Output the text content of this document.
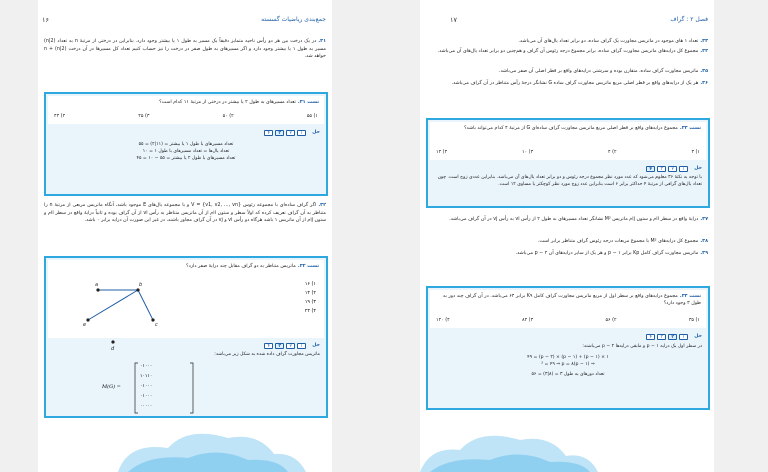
جمع‌بندی ریاضیات گسسته
۱۶
۳۱.در یک درخت بین هر دو رأس ناحیه متمایز دقیقاً یک مسیر به طول ۱ یا بیشتر وجود دارد. بنابراین در درختی از مرتبهٔ n به تعداد (n|2) مسیر به طول ۱ یا بیشتر وجود دارد و اگر مسیرهای به طول صفر در درخت را نیز حساب کنیم تعداد کل مسیرها در آن درخت n + (n|2) خواهد شد.
تست ۳۱.تعداد مسیرهای به طول ۲ یا بیشتر در درختی از مرتبهٔ ۱۱ کدام است؟
۱) ۵۵
۲) ۵۰
۳) ۴۵
۴) ۴۴
حل
۱
۲
۳
۴

تعداد مسیرهای با طول ۱ یا بیشتر = (۱۱|۲) = ۵۵

تعداد یال‌ها = تعداد مسیرهای با طول ۱ = ۱۰

تعداد مسیرهای با طول ۲ یا بیشتر = ۵۵ − ۱۰ = ۴۵

۳۲.اگر گراف ساده‌ای با مجموعه رئوس V = {v1, v2, …, vn} و با مجموعه یال‌های E موجود باشد، آنگاه ماتریس مربعی از مرتبهٔ n را متناظر به آن گراف تعریف کرده که اولاً سطر و ستون iام از آن ماتریس متناظر به رأس vi از آن گراف بوده و ثانیاً درایهٔ واقع در سطر iام و ستون jام از آن ماتریس ۱ باشد هرگاه دو رأس vi و vj در آن گراف مجاور باشند، در غیر این صورت آن درایه برابر ۰ باشد.
تست ۳۲.ماتریس متناظر به دو گراف مقابل چند درایهٔ صفر دارد؟
a	b
c
d
e
۱) ۱۶
۲) ۱۴
۳) ۱۹
۴) ۲۴
حل
۱
۲
۳
۴

ماتریس مجاورت گراف داده شده به شکل زیر می‌باشد:

M(G) =
۰۱۰۰۰
۱۰۱۱۰
۰۱۰۰۰
۰۱۰۰۰
۰۰۰۰۰
فصل ۲ : گراف
۱۷
۳۳.تعداد ۱ های موجود در ماتریس مجاورت یک گراف ساده، دو برابر تعداد یال‌های آن می‌باشد.
۳۴.مجموع کل درایه‌های ماتریس مجاورت گراف ساده، برابر مجموع درجه رئوس آن گراف و هم‌چنین دو برابر تعداد یال‌های آن می‌باشد.
۳۵.ماتریس مجاورت گراف ساده، متقارن بوده و سرشتی درایه‌های واقع بر قطر اصلی آن صفر می‌باشد.
۳۶.هر یک از درایه‌های واقع بر قطر اصلی مربع ماتریس مجاورت گراف ساده G نشانگر درجهٔ رأس متناظر در آن گراف می‌باشد.
تست ۳۳.مجموع درایه‌های واقع بر قطر اصلی مربع ماتریس مجاورت گراف ساده‌ای G از مرتبهٔ ۴ کدام می‌تواند باشد؟
۱) ۳
۲) ۴
۳) ۱۰
۴) ۱۴
حل
۱
۲
۳
۴

با توجه به نکتهٔ ۳۶ معلوم می‌شود که عدد مورد نظر مجموع درجه رئوس و دو برابر تعداد یال‌های آن می‌باشد. بنابراین عددی زوج است. چون تعداد یال‌های گرافی از مرتبهٔ ۴ حداکثر برابر ۶ است بنابراین عدد زوج مورد نظر کوچکتر یا مساوی ۱۲ است.

۳۷.درایهٔ واقع در سطر iام و ستون jام ماتریس M² نشانگر تعداد مسیرهای به طول ۲ از رأس vi به رأس vj در آن گراف می‌باشد.
۳۸.مجموع کل درایه‌های M² با مجموع مربعات درجه رئوس گراف متناظر برابر است.
۳۹.ماتریس مجاورت گراف کامل Kp برابر ۱ − p و هر یک از سایر درایه‌های آن p − ۲ می‌باشد.
تست ۳۴.مجموع درایه‌های واقع بر سطر اول از مربع ماتریس مجاورت گراف کامل K۹ برابر ۶۴ می‌باشد. در آن گراف چند دور به طول ۳ وجود دارد؟
۱) ۳۵
۲) ۵۶
۳) ۸۴
۴) ۱۲۰
حل
۱
۲
۳
۴

در سطر اول یک درایه p − ۱ و مابقی درایه‌ها p − ۲ می‌باشند:

۱ × (p − ۱) + (p − ۱) × (p − ۲) = ۴۹

⇒ (p − ۱)² = ۴۹ ⇒ p = ۸

تعداد دورهای به طول ۳ = (۸|۳) = ۵۶
